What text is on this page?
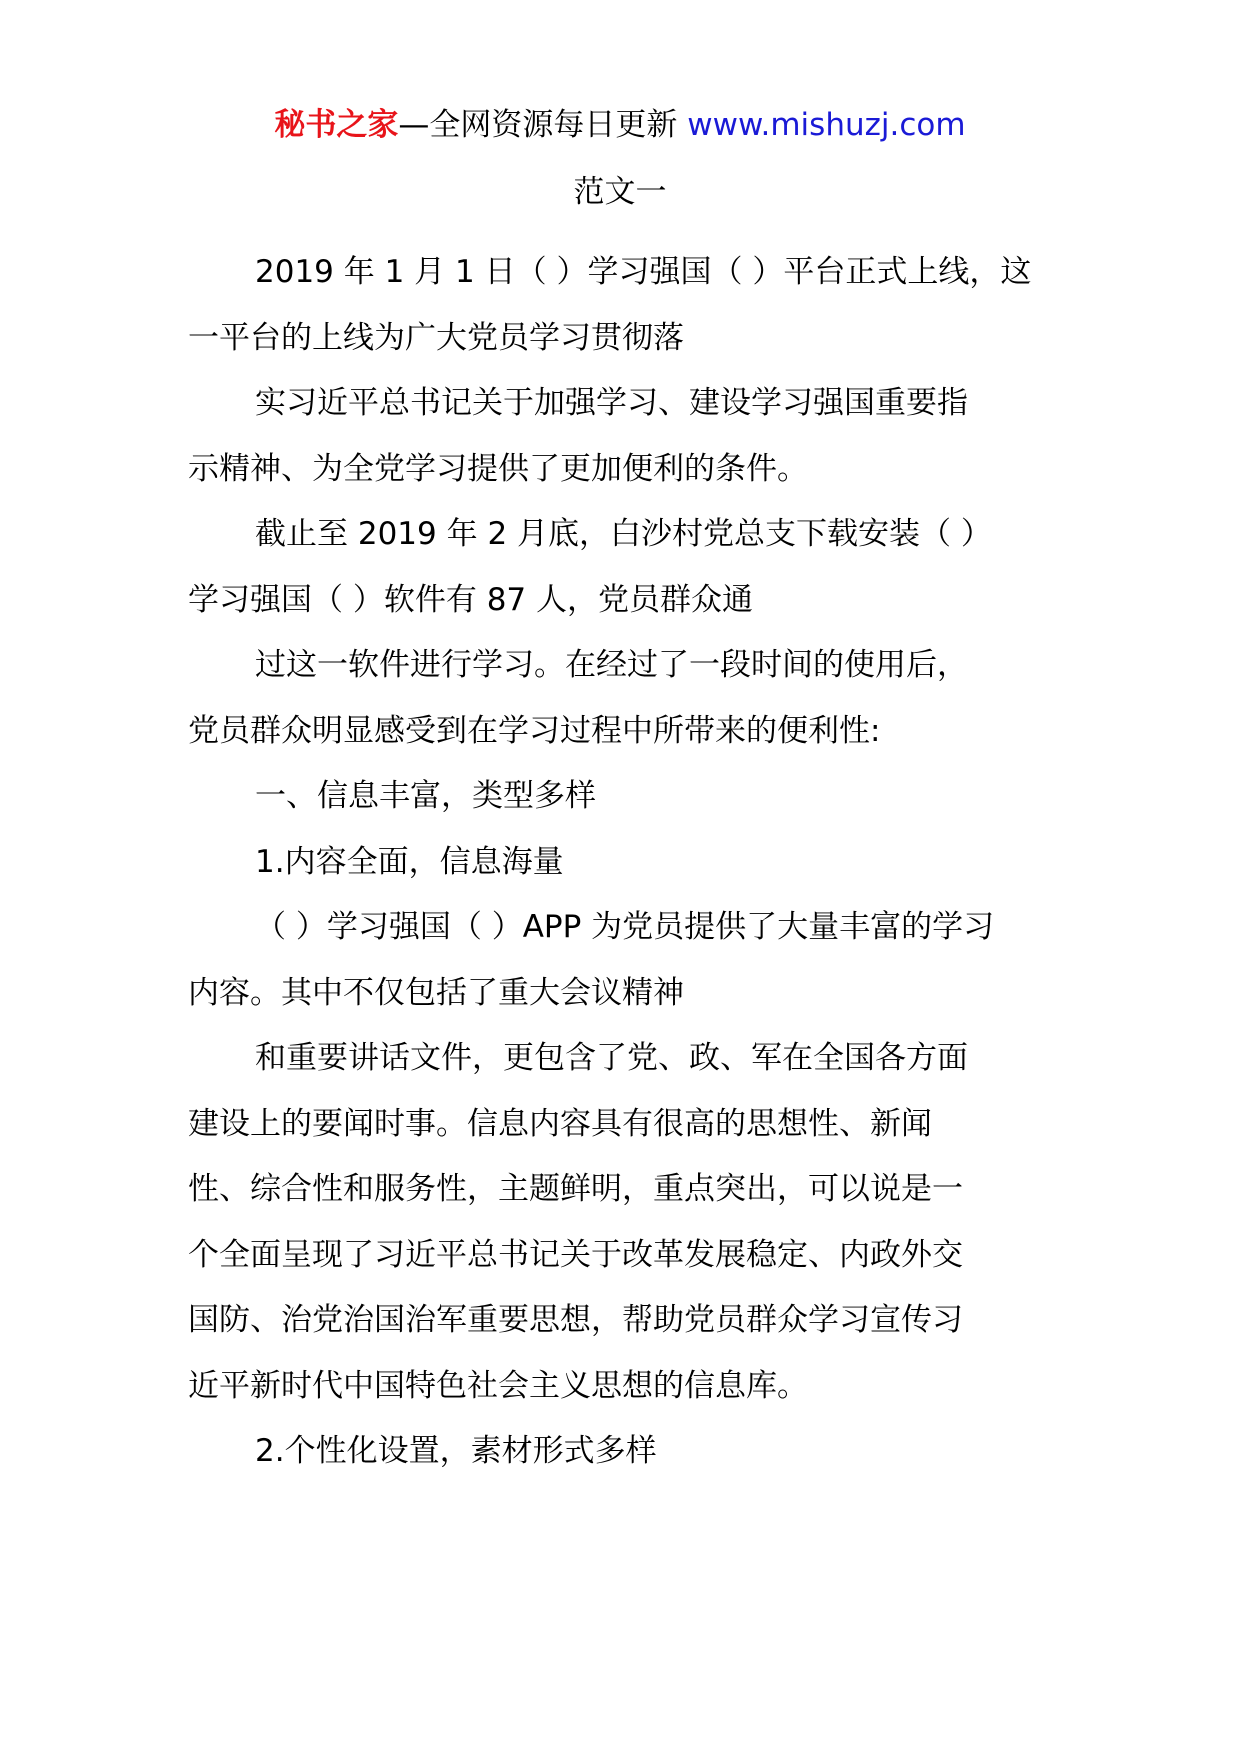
秘书之家—全网资源每日更新 www.mishuzj.com
范文一

2019 年 1 月 1 日（ ）学习强国（ ）平台正式上线，这

一平台的上线为广大党员学习贯彻落

实习近平总书记关于加强学习、建设学习强国重要指

示精神、为全党学习提供了更加便利的条件。

截止至 2019 年 2 月底，白沙村党总支下载安装（ ）

学习强国（ ）软件有 87 人，党员群众通

过这一软件进行学习。在经过了一段时间的使用后，

党员群众明显感受到在学习过程中所带来的便利性:

一、信息丰富，类型多样

1.内容全面，信息海量

（ ）学习强国（ ）APP 为党员提供了大量丰富的学习

内容。其中不仅包括了重大会议精神

和重要讲话文件，更包含了党、政、军在全国各方面

建设上的要闻时事。信息内容具有很高的思想性、新闻

性、综合性和服务性，主题鲜明，重点突出，可以说是一

个全面呈现了习近平总书记关于改革发展稳定、内政外交

国防、治党治国治军重要思想，帮助党员群众学习宣传习

近平新时代中国特色社会主义思想的信息库。

2.个性化设置，素材形式多样
